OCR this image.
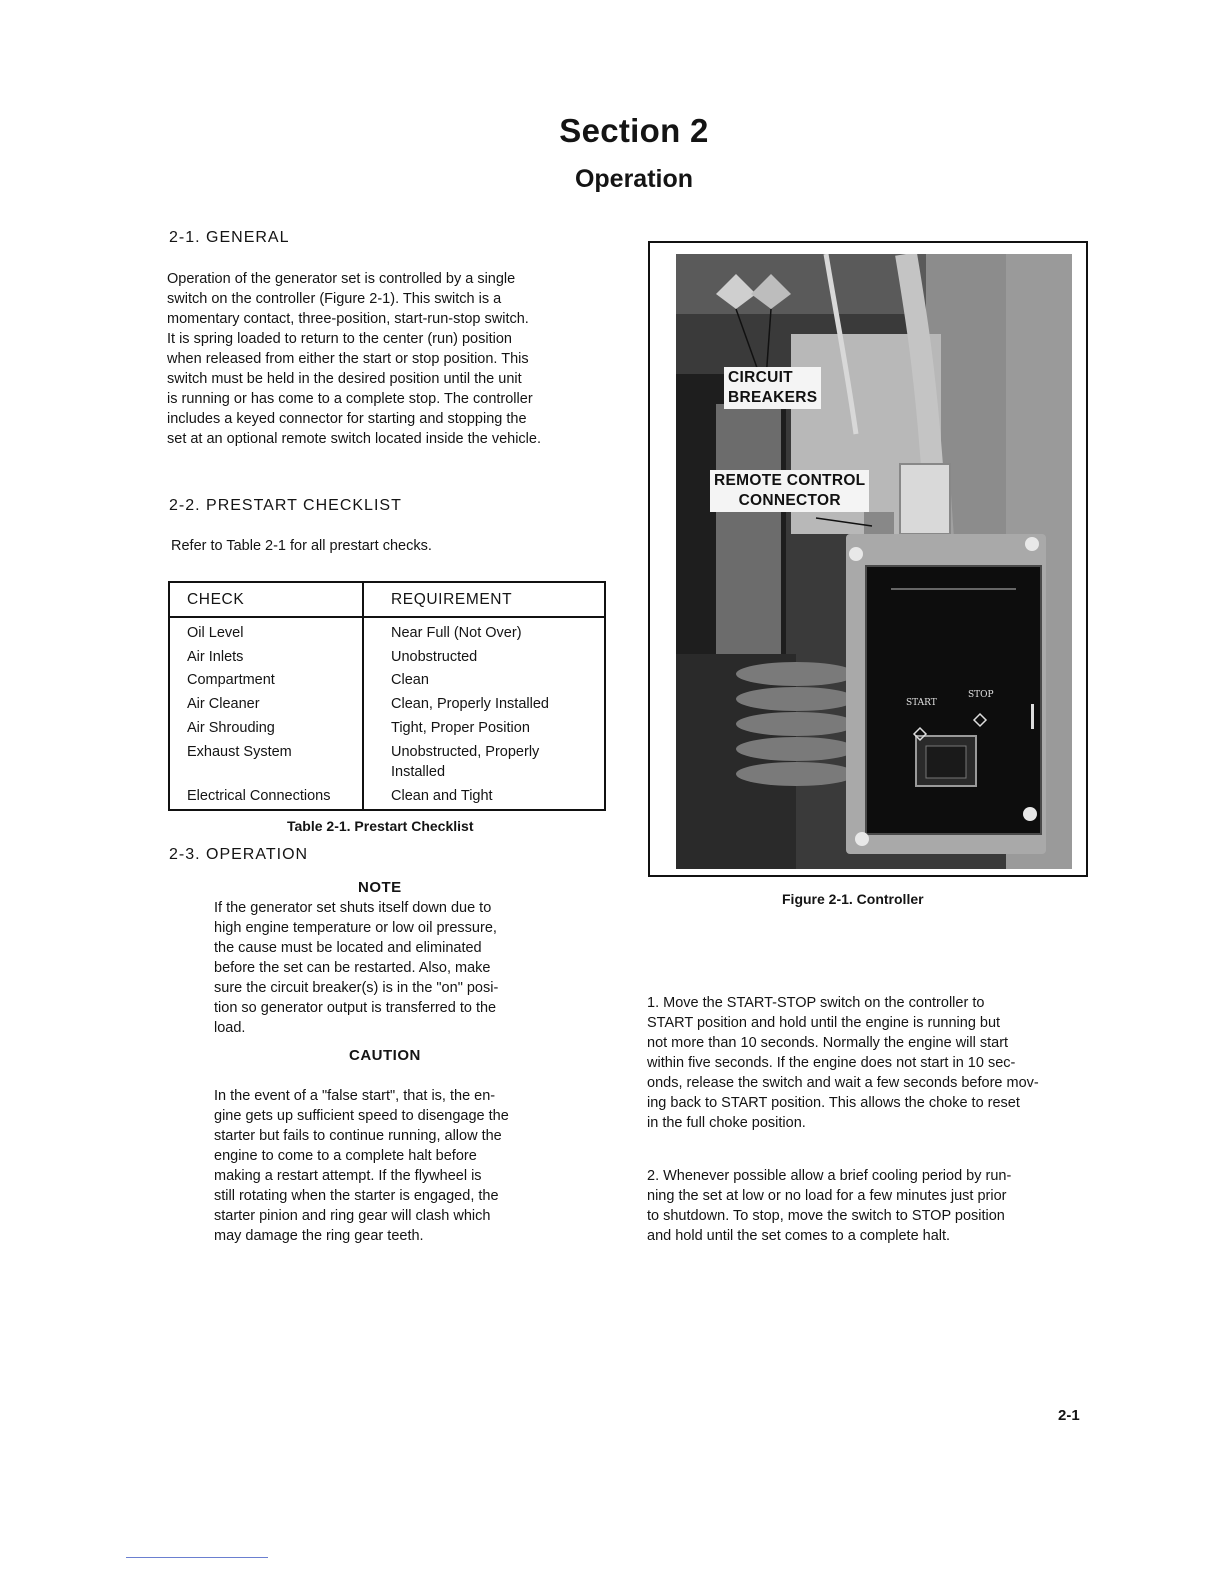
Section 2
Operation
2-1. GENERAL
Operation of the generator set is controlled by a single
switch on the controller (Figure 2-1). This switch is a
momentary contact, three-position, start-run-stop switch.
It is spring loaded to return to the center (run) position
when released from either the start or stop position. This
switch must be held in the desired position until the unit
is running or has come to a complete stop. The controller
includes a keyed connector for starting and stopping the
set at an optional remote switch located inside the vehicle.
2-2. PRESTART CHECKLIST
Refer to Table 2-1 for all prestart checks.
CHECK	REQUIREMENT
Oil Level	Near Full (Not Over)
Air Inlets	Unobstructed
Compartment	Clean
Air Cleaner	Clean, Properly Installed
Air Shrouding	Tight, Proper Position
Exhaust System	Unobstructed, Properly
Installed
Electrical Connections	Clean and Tight
Table 2-1. Prestart Checklist
2-3. OPERATION
NOTE
If the generator set shuts itself down due to
high engine temperature or low oil pressure,
the cause must be located and eliminated
before the set can be restarted. Also, make
sure the circuit breaker(s) is in the "on" posi-
tion so generator output is transferred to the
load.
CAUTION
In the event of a "false start", that is, the en-
gine gets up sufficient speed to disengage the
starter but fails to continue running, allow the
engine to come to a complete halt before
making a restart attempt. If the flywheel is
still rotating when the starter is engaged, the
starter pinion and ring gear will clash which
may damage the ring gear teeth.
CIRCUIT
BREAKERS
REMOTE CONTROL
CONNECTOR
START
STOP
Figure 2-1. Controller
1. Move the START-STOP switch on the controller to
START position and hold until the engine is running but
not more than 10 seconds. Normally the engine will start
within five seconds. If the engine does not start in 10 sec-
onds, release the switch and wait a few seconds before mov-
ing back to START position. This allows the choke to reset
in the full choke position.
2. Whenever possible allow a brief cooling period by run-
ning the set at low or no load for a few minutes just prior
to shutdown. To stop, move the switch to STOP position
and hold until the set comes to a complete halt.
2-1
